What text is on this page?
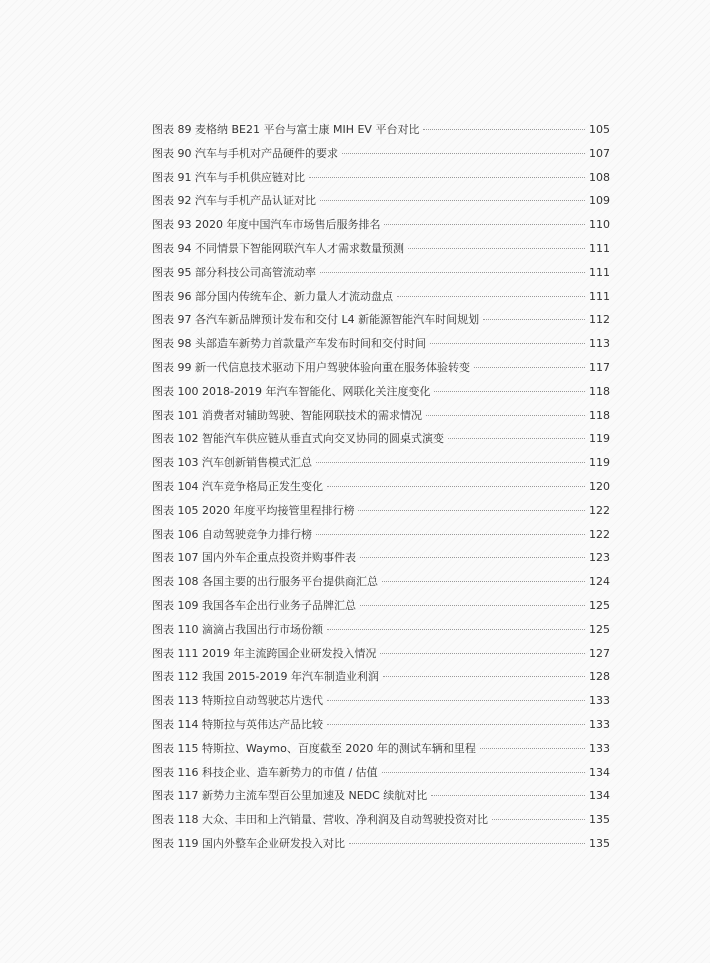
图表 89 麦格纳 BE21 平台与富士康 MIH EV 平台对比	105
图表 90 汽车与手机对产品硬件的要求	107
图表 91 汽车与手机供应链对比	108
图表 92 汽车与手机产品认证对比	109
图表 93 2020 年度中国汽车市场售后服务排名	110
图表 94 不同情景下智能网联汽车人才需求数量预测	111
图表 95 部分科技公司高管流动率	111
图表 96 部分国内传统车企、新力量人才流动盘点	111
图表 97 各汽车新品牌预计发布和交付 L4 新能源智能汽车时间规划	112
图表 98 头部造车新势力首款量产车发布时间和交付时间	113
图表 99 新一代信息技术驱动下用户驾驶体验向重在服务体验转变	117
图表 100 2018-2019 年汽车智能化、网联化关注度变化	118
图表 101 消费者对辅助驾驶、智能网联技术的需求情况	118
图表 102 智能汽车供应链从垂直式向交叉协同的圆桌式演变	119
图表 103 汽车创新销售模式汇总	119
图表 104 汽车竞争格局正发生变化	120
图表 105 2020 年度平均接管里程排行榜	122
图表 106 自动驾驶竞争力排行榜	122
图表 107 国内外车企重点投资并购事件表	123
图表 108 各国主要的出行服务平台提供商汇总	124
图表 109 我国各车企出行业务子品牌汇总	125
图表 110 滴滴占我国出行市场份额	125
图表 111 2019 年主流跨国企业研发投入情况	127
图表 112 我国 2015-2019 年汽车制造业利润	128
图表 113 特斯拉自动驾驶芯片迭代	133
图表 114 特斯拉与英伟达产品比较	133
图表 115 特斯拉、Waymo、百度截至 2020 年的测试车辆和里程	133
图表 116 科技企业、造车新势力的市值 / 估值	134
图表 117 新势力主流车型百公里加速及 NEDC 续航对比	134
图表 118 大众、丰田和上汽销量、营收、净利润及自动驾驶投资对比	135
图表 119 国内外整车企业研发投入对比	135
